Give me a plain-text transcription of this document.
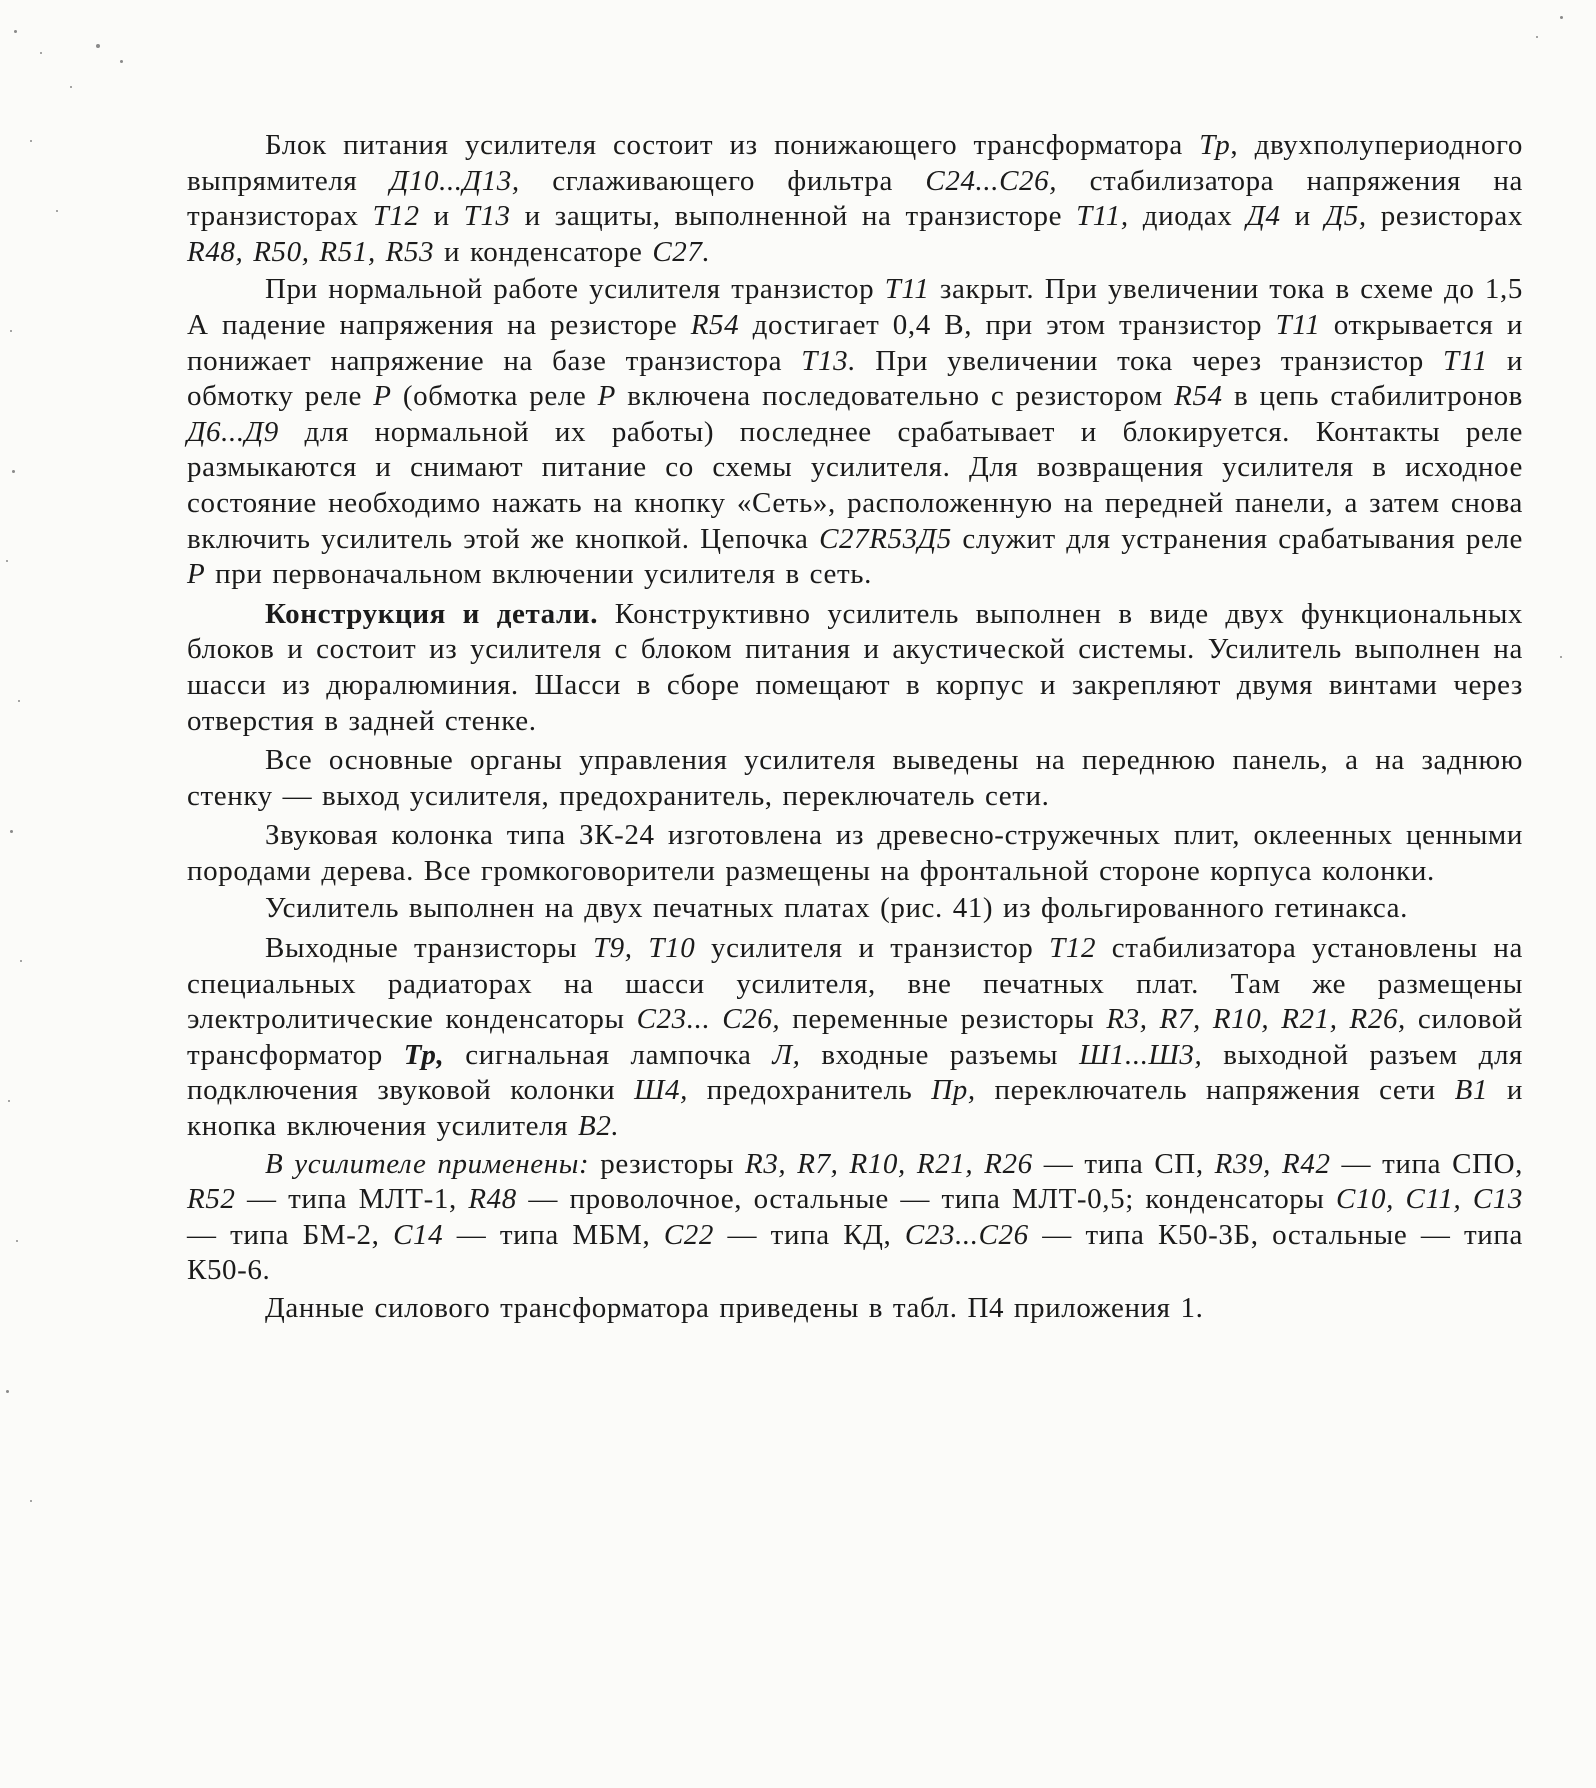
Блок питания усилителя состоит из понижающего трансформатора Тр, двухполупериодного выпрямителя Д10...Д13, сглаживающего фильтра С24...С26, стабилизатора напряжения на транзисторах Т12 и Т13 и защиты, выполненной на транзисторе Т11, диодах Д4 и Д5, резисторах R48, R50, R51, R53 и конденсаторе С27.

При нормальной работе усилителя транзистор Т11 закрыт. При увеличении тока в схеме до 1,5 А падение напряжения на резисторе R54 достигает 0,4 В, при этом транзистор Т11 открывается и понижает напряжение на базе транзистора Т13. При увеличении тока через транзистор Т11 и обмотку реле Р (обмотка реле Р включена последовательно с резистором R54 в цепь стабилитронов Д6...Д9 для нормальной их работы) последнее срабатывает и блокируется. Контакты реле размыкаются и снимают питание со схемы усилителя. Для возвращения усилителя в исходное состояние необходимо нажать на кнопку «Сеть», расположенную на передней панели, а затем снова включить усилитель этой же кнопкой. Цепочка С27R53Д5 служит для устранения срабатывания реле Р при первоначальном включении усилителя в сеть.

Конструкция и детали. Конструктивно усилитель выполнен в виде двух функциональных блоков и состоит из усилителя с блоком питания и акустической системы. Усилитель выполнен на шасси из дюралюминия. Шасси в сборе помещают в корпус и закрепляют двумя винтами через отверстия в задней стенке.

Все основные органы управления усилителя выведены на переднюю панель, а на заднюю стенку — выход усилителя, предохранитель, переключатель сети.

Звуковая колонка типа ЗК-24 изготовлена из древесно-стружечных плит, оклеенных ценными породами дерева. Все громкоговорители размещены на фронтальной стороне корпуса колонки.

Усилитель выполнен на двух печатных платах (рис. 41) из фольгированного гетинакса.

Выходные транзисторы Т9, Т10 усилителя и транзистор Т12 стабилизатора установлены на специальных радиаторах на шасси усилителя, вне печатных плат. Там же размещены электролитические конденсаторы С23... С26, переменные резисторы R3, R7, R10, R21, R26, силовой трансформатор Тр, сигнальная лампочка Л, входные разъемы Ш1...Ш3, выходной разъем для подключения звуковой колонки Ш4, предохранитель Пр, переключатель напряжения сети В1 и кнопка включения усилителя В2.

В усилителе применены: резисторы R3, R7, R10, R21, R26 — типа СП, R39, R42 — типа СПО, R52 — типа МЛТ-1, R48 — проволочное, остальные — типа МЛТ-0,5; конденсаторы С10, С11, С13 — типа БМ-2, С14 — типа МБМ, С22 — типа КД, С23...С26 — типа К50-3Б, остальные — типа К50-6.

Данные силового трансформатора приведены в табл. П4 приложения 1.
